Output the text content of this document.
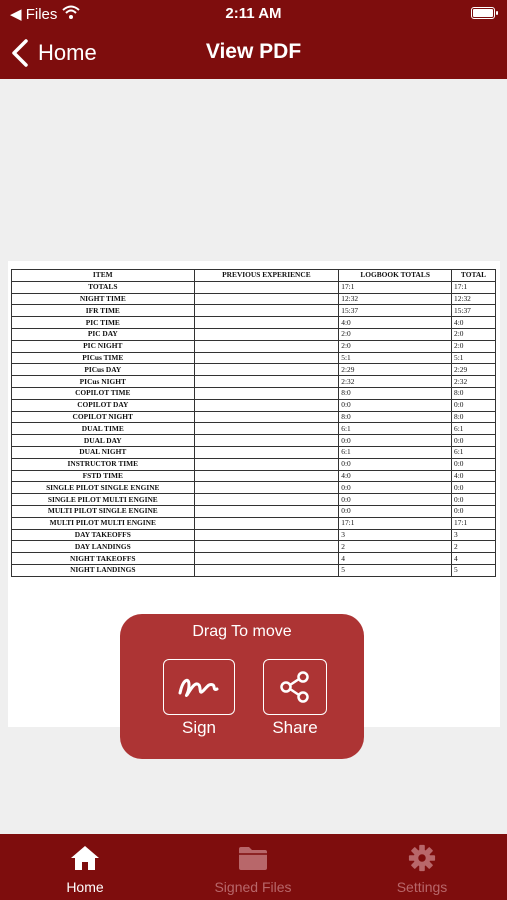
◀ Files	2:11 AM
Home	View PDF
ITEM	PREVIOUS EXPERIENCE	LOGBOOK TOTALS	TOTAL
TOTALS		17:1	17:1
NIGHT TIME		12:32	12:32
IFR TIME		15:37	15:37
PIC TIME		4:0	4:0
PIC DAY		2:0	2:0
PIC NIGHT		2:0	2:0
PICus TIME		5:1	5:1
PICus DAY		2:29	2:29
PICus NIGHT		2:32	2:32
COPILOT TIME		8:0	8:0
COPILOT DAY		0:0	0:0
COPILOT NIGHT		8:0	8:0
DUAL TIME		6:1	6:1
DUAL DAY		0:0	0:0
DUAL NIGHT		6:1	6:1
INSTRUCTOR TIME		0:0	0:0
FSTD TIME		4:0	4:0
SINGLE PILOT SINGLE ENGINE		0:0	0:0
SINGLE PILOT MULTI ENGINE		0:0	0:0
MULTI PILOT SINGLE ENGINE		0:0	0:0
MULTI PILOT MULTI ENGINE		17:1	17:1
DAY TAKEOFFS		3	3
DAY LANDINGS		2	2
NIGHT TAKEOFFS		4	4
NIGHT LANDINGS		5	5
Drag To move
Sign	Share
Home	Signed Files	Settings
